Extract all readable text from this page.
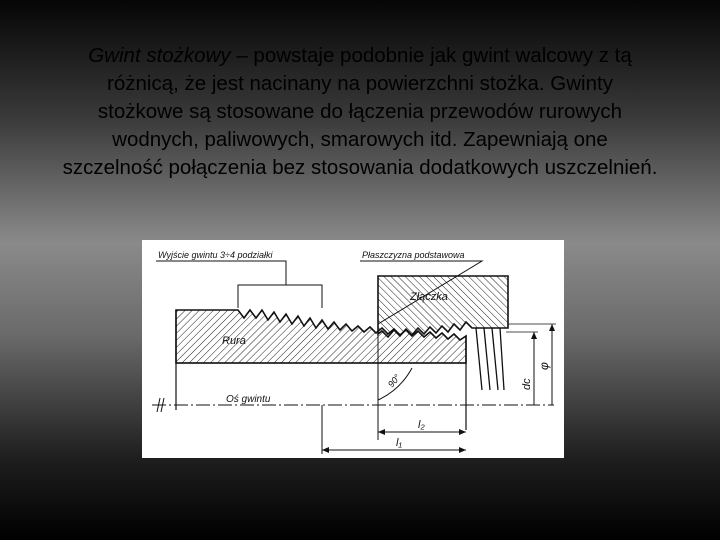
Gwint stożkowy – powstaje podobnie jak gwint walcowy z tą
różnicą, że jest nacinany na powierzchni stożka. Gwinty
stożkowe są stosowane do łączenia przewodów rurowych
wodnych, paliwowych, smarowych itd. Zapewniają one
szczelność połączenia bez stosowania dodatkowych uszczelnień.
Wyjście gwintu 3÷4 podziałki	Płaszczyzna podstawowa
Złączka
Rura
Oś gwintu
90°
l₂
l₁
dc
φ
